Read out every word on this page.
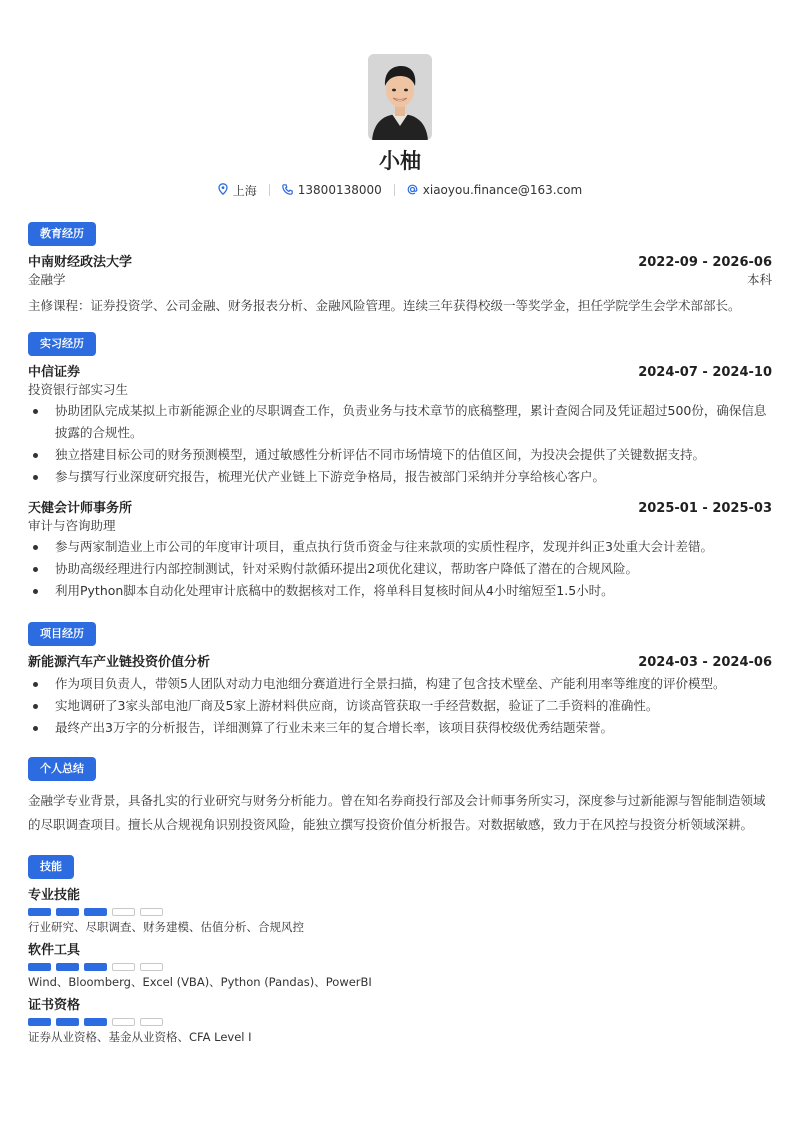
小柚
上海	13800138000	xiaoyou.finance@163.com
教育经历
中南财经政法大学	2022-09 - 2026-06
金融学	本科
主修课程：证券投资学、公司金融、财务报表分析、金融风险管理。连续三年获得校级一等奖学金，担任学院学生会学术部部长。
实习经历
中信证券	2024-07 - 2024-10
投资银行部实习生
协助团队完成某拟上市新能源企业的尽职调查工作，负责业务与技术章节的底稿整理，累计查阅合同及凭证超过500份，确保信息披露的合规性。
独立搭建目标公司的财务预测模型，通过敏感性分析评估不同市场情境下的估值区间，为投决会提供了关键数据支持。
参与撰写行业深度研究报告，梳理光伏产业链上下游竞争格局，报告被部门采纳并分享给核心客户。
天健会计师事务所	2025-01 - 2025-03
审计与咨询助理
参与两家制造业上市公司的年度审计项目，重点执行货币资金与往来款项的实质性程序，发现并纠正3处重大会计差错。
协助高级经理进行内部控制测试，针对采购付款循环提出2项优化建议，帮助客户降低了潜在的合规风险。
利用Python脚本自动化处理审计底稿中的数据核对工作，将单科目复核时间从4小时缩短至1.5小时。
项目经历
新能源汽车产业链投资价值分析	2024-03 - 2024-06
作为项目负责人，带领5人团队对动力电池细分赛道进行全景扫描，构建了包含技术壁垒、产能利用率等维度的评价模型。
实地调研了3家头部电池厂商及5家上游材料供应商，访谈高管获取一手经营数据，验证了二手资料的准确性。
最终产出3万字的分析报告，详细测算了行业未来三年的复合增长率，该项目获得校级优秀结题荣誉。
个人总结
金融学专业背景，具备扎实的行业研究与财务分析能力。曾在知名券商投行部及会计师事务所实习，深度参与过新能源与智能制造领域的尽职调查项目。擅长从合规视角识别投资风险，能独立撰写投资价值分析报告。对数据敏感，致力于在风控与投资分析领域深耕。
技能
专业技能
行业研究、尽职调查、财务建模、估值分析、合规风控
软件工具
Wind、Bloomberg、Excel (VBA)、Python (Pandas)、PowerBI
证书资格
证券从业资格、基金从业资格、CFA Level I
